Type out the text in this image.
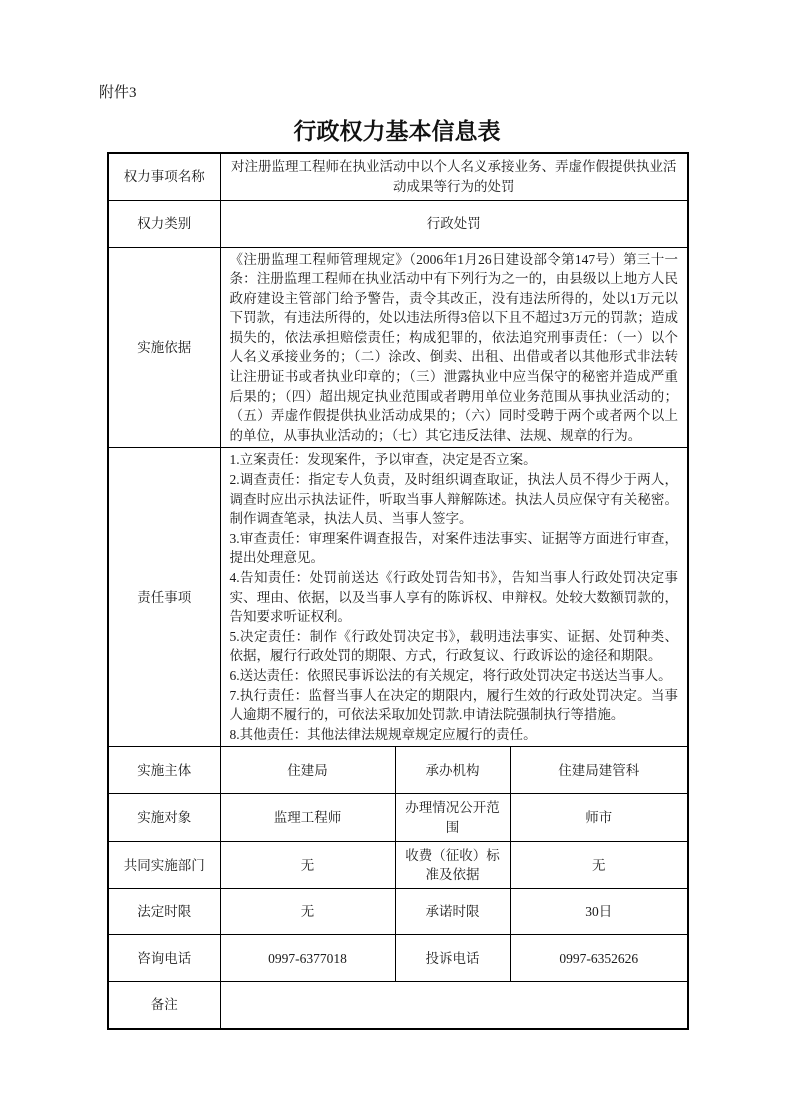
附件3
行政权力基本信息表
权力事项名称	对注册监理工程师在执业活动中以个人名义承接业务、弄虚作假提供执业活动成果等行为的处罚		
权力类别	行政处罚		
实施依据	《注册监理工程师管理规定》（2006年1月26日建设部令第147号）第三十一条：注册监理工程师在执业活动中有下列行为之一的，由县级以上地方人民政府建设主管部门给予警告，责令其改正，没有违法所得的，处以1万元以下罚款，有违法所得的，处以违法所得3倍以下且不超过3万元的罚款；造成损失的，依法承担赔偿责任；构成犯罪的，依法追究刑事责任：（一）以个人名义承接业务的；（二）涂改、倒卖、出租、出借或者以其他形式非法转让注册证书或者执业印章的；（三）泄露执业中应当保守的秘密并造成严重后果的；（四）超出规定执业范围或者聘用单位业务范围从事执业活动的；（五）弄虚作假提供执业活动成果的；（六）同时受聘于两个或者两个以上的单位，从事执业活动的；（七）其它违反法律、法规、规章的行为。		
责任事项	
1.立案责任：发现案件，予以审查，决定是否立案。
2.调查责任：指定专人负责，及时组织调查取证，执法人员不得少于两人，调查时应出示执法证件，听取当事人辩解陈述。执法人员应保守有关秘密。制作调查笔录，执法人员、当事人签字。
3.审查责任：审理案件调查报告，对案件违法事实、证据等方面进行审查，提出处理意见。
4.告知责任：处罚前送达《行政处罚告知书》，告知当事人行政处罚决定事实、理由、依据，以及当事人享有的陈诉权、申辩权。处较大数额罚款的，告知要求听证权利。
5.决定责任：制作《行政处罚决定书》，载明违法事实、证据、处罚种类、依据，履行行政处罚的期限、方式，行政复议、行政诉讼的途径和期限。
6.送达责任：依照民事诉讼法的有关规定，将行政处罚决定书送达当事人。
7.执行责任：监督当事人在决定的期限内，履行生效的行政处罚决定。当事人逾期不履行的，可依法采取加处罚款.申请法院强制执行等措施。
8.其他责任：其他法律法规规章规定应履行的责任。

实施主体	住建局	承办机构	住建局建管科
实施对象	监理工程师	办理情况公开范围	师市
共同实施部门	无	收费（征收）标准及依据	无
法定时限	无	承诺时限	30日
咨询电话	0997-6377018	投诉电话	0997-6352626
备注			
